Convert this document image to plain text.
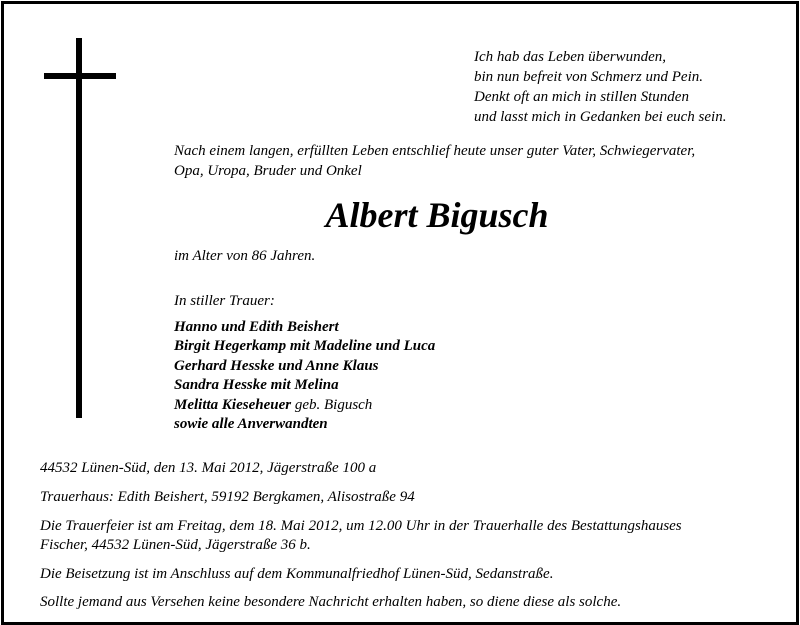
Ich hab das Leben überwunden,
bin nun befreit von Schmerz und Pein.
Denkt oft an mich in stillen Stunden
und lasst mich in Gedanken bei euch sein.
Nach einem langen, erfüllten Leben entschlief heute unser guter Vater, Schwiegervater,
Opa, Uropa, Bruder und Onkel
Albert Bigusch
im Alter von 86 Jahren.
In stiller Trauer:
Hanno und Edith Beishert
Birgit Hegerkamp mit Madeline und Luca
Gerhard Hesske und Anne Klaus
Sandra Hesske mit Melina
Melitta Kieseheuer geb. Bigusch
sowie alle Anverwandten
44532 Lünen-Süd, den 13. Mai 2012, Jägerstraße 100 a
Trauerhaus: Edith Beishert, 59192 Bergkamen, Alisostraße 94
Die Trauerfeier ist am Freitag, dem 18. Mai 2012, um 12.00 Uhr in der Trauerhalle des Bestattungshauses
Fischer, 44532 Lünen-Süd, Jägerstraße 36 b.
Die Beisetzung ist im Anschluss auf dem Kommunalfriedhof Lünen-Süd, Sedanstraße.
Sollte jemand aus Versehen keine besondere Nachricht erhalten haben, so diene diese als solche.
